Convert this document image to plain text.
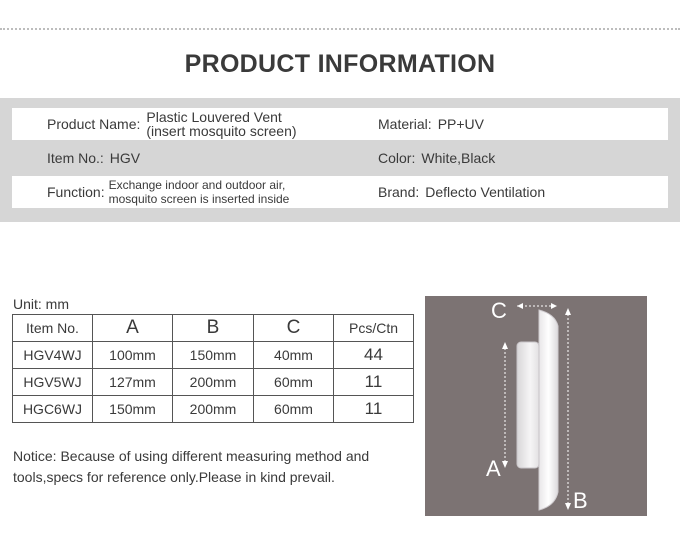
PRODUCT INFORMATION
Product Name: Plastic Louvered Vent
(insert mosquito screen)	Material: PP+UV
Item No.: HGV	Color: White,Black
Function: Exchange indoor and outdoor air,
mosquito screen is inserted inside	Brand: Deflecto Ventilation
Unit: mm
Item No.	A	B	C	Pcs/Ctn
HGV4WJ	100mm	150mm	40mm	44
HGV5WJ	127mm	200mm	60mm	11
HGC6WJ	150mm	200mm	60mm	11
Notice: Because of using different measuring method and tools,specs for reference only.Please in kind prevail.
C
A
B
